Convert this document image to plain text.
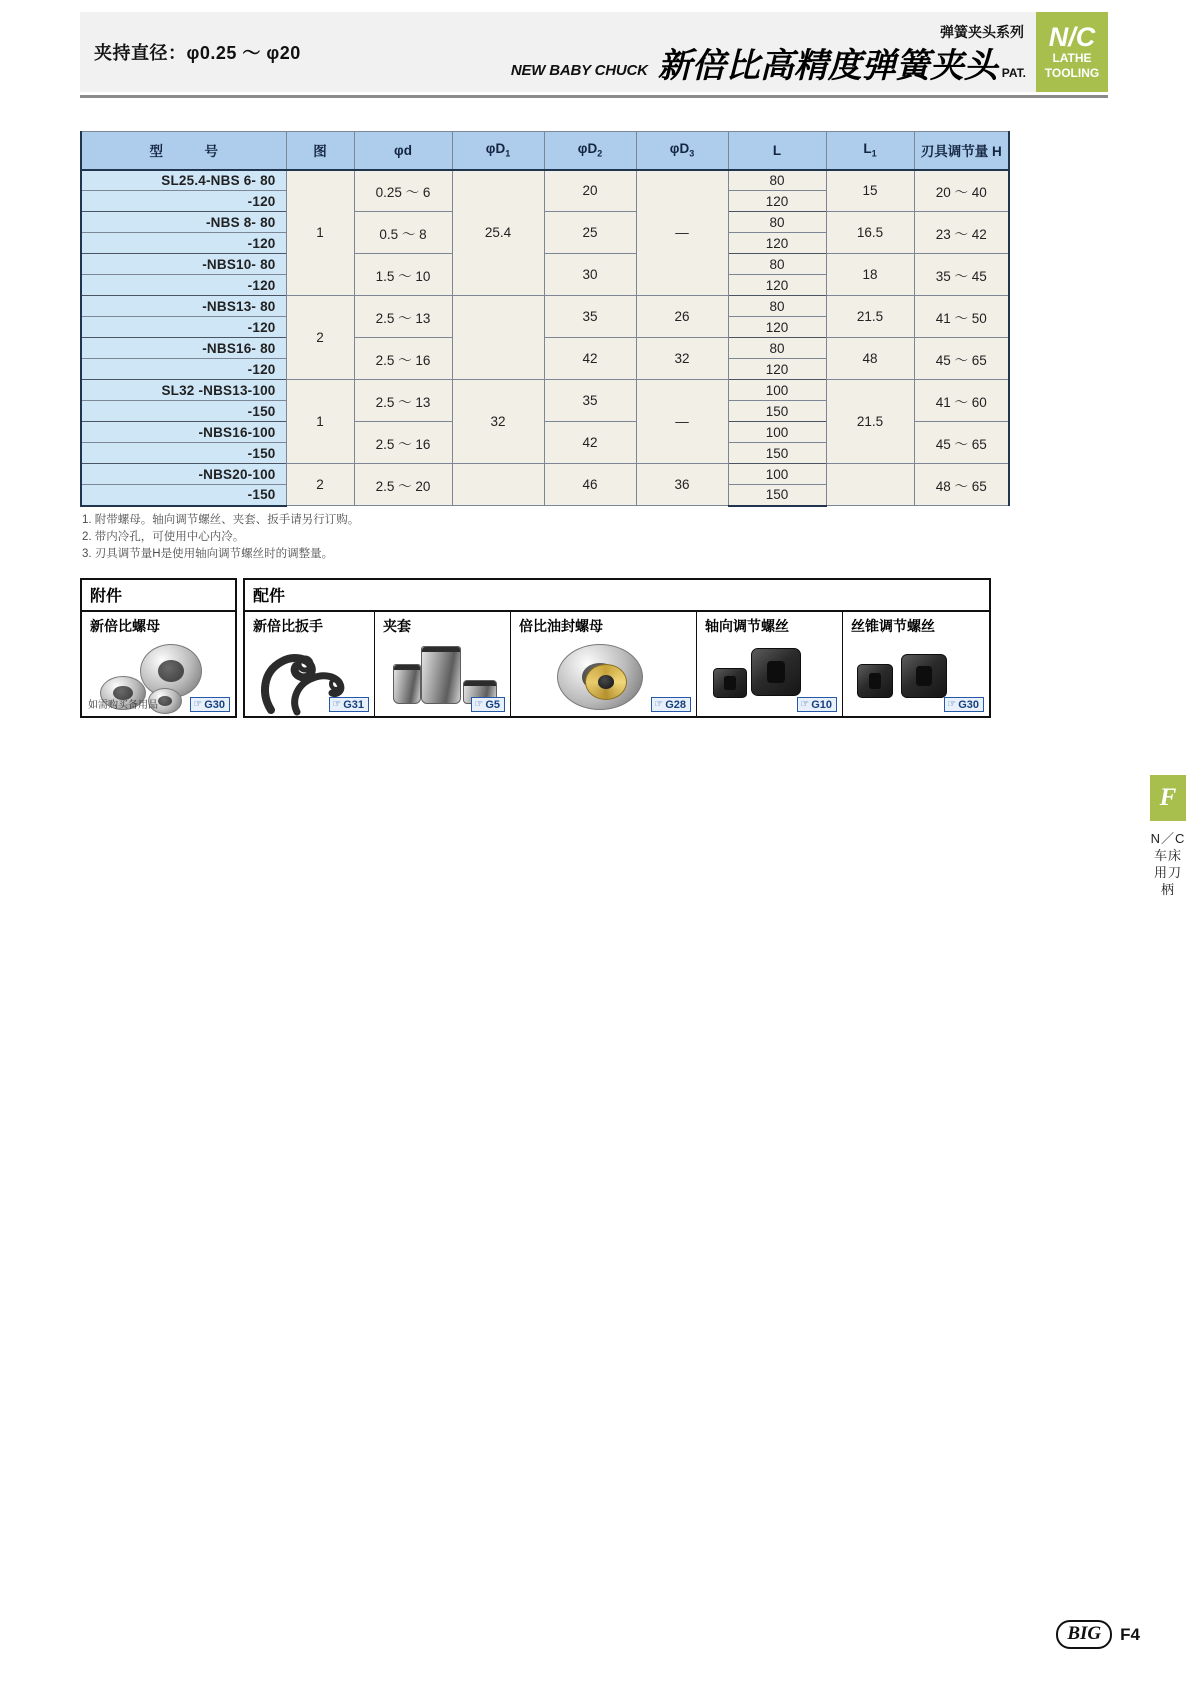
夹持直径：φ0.25 ～ φ20
弹簧夹头系列
NEW BABY CHUCK 新倍比高精度弹簧夹头 PAT.
N/C
LATHE
TOOLING
型　号	图	φd	$\varphi D_1$	$\varphi D_2$	$\varphi D_3$	L	$L_1$	刃具调节量 H
SL25.4-NBS 6- 80	1	0.25 ～ 6	25.4	20	—	80	15	20 ～ 40
-120						120		
-NBS 8- 80		0.5 ～ 8		25		80	16.5	23 ～ 42
-120						120		
-NBS10- 80		1.5 ～ 10		30		80	18	35 ～ 45
-120						120		
-NBS13- 80	2	2.5 ～ 13		35	26	80	21.5	41 ～ 50
-120						120		
-NBS16- 80		2.5 ～ 16		42	32	80	48	45 ～ 65
-120						120		
SL32 -NBS13-100	1	2.5 ～ 13	32	35	—	100	21.5	41 ～ 60
-150						150		
-NBS16-100		2.5 ～ 16		42		100		45 ～ 65
-150						150		
-NBS20-100	2	2.5 ～ 20		46	36	100		48 ～ 65
-150						150		
1. 附带螺母。轴向调节螺丝、夹套、扳手请另行订购。
2. 带内冷孔，可使用中心内冷。
3. 刃具调节量H是使用轴向调节螺丝时的调整量。
附件
新倍比螺母
如需购买备用品	☞ G30
配件
新倍比扳手
☞ G31
夹套
☞ G5
倍比油封螺母
☞ G28
轴向调节螺丝
☞ G10
丝锥调节螺丝
☞ G30
F
N／C车床用刀柄
BIG	F4
